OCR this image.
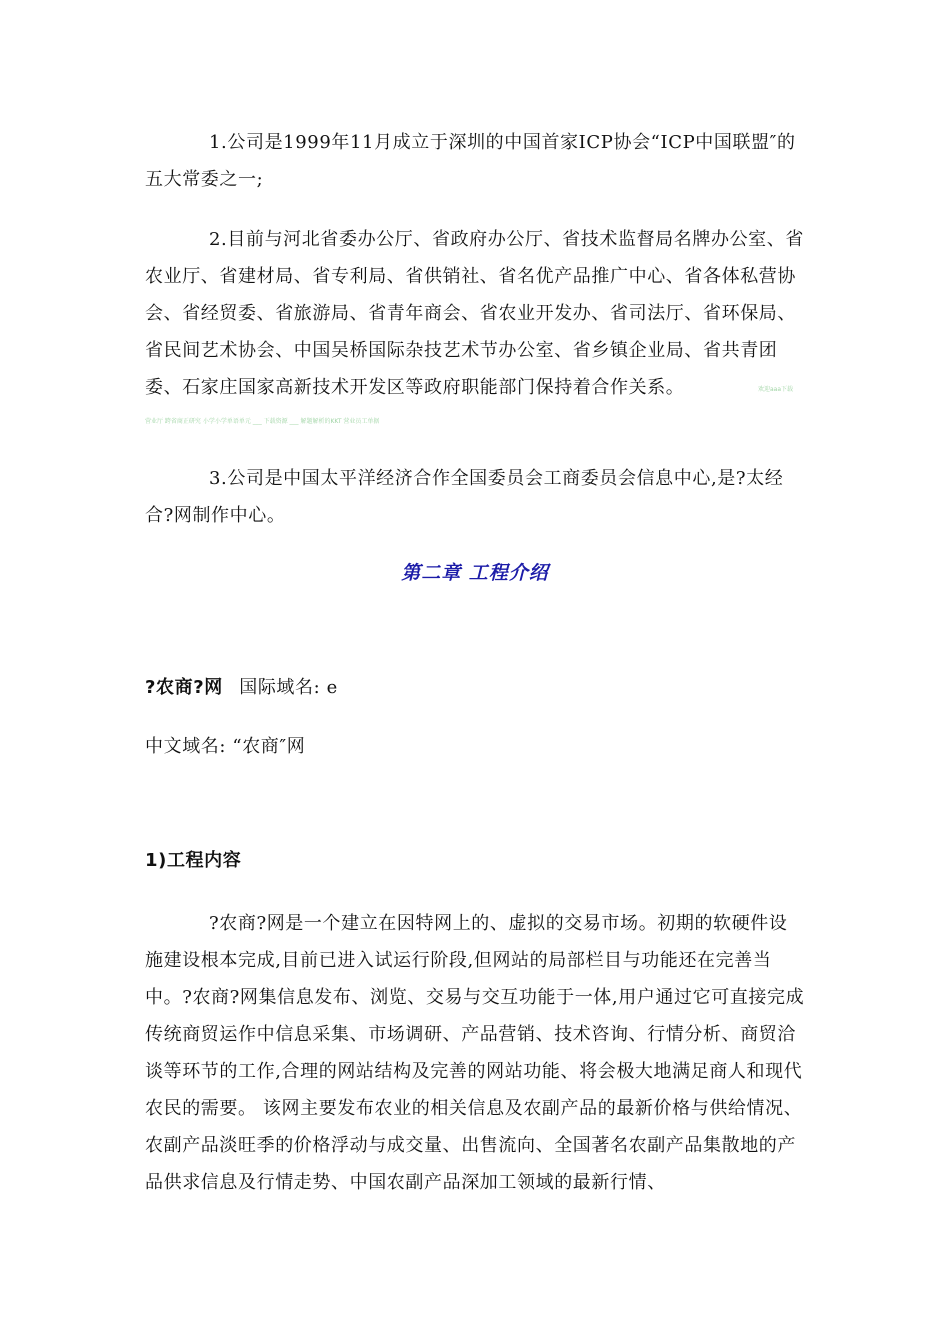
1.公司是1999年11月成立于深圳的中国首家ICP协会“ICP中国联盟″的五大常委之一;

2.目前与河北省委办公厅、省政府办公厅、省技术监督局名牌办公室、省农业厅、省建材局、省专利局、省供销社、省名优产品推广中心、省各体私营协会、省经贸委、省旅游局、省青年商会、省农业开发办、省司法厅、省环保局、省民间艺术协会、中国吴桥国际杂技艺术节办公室、省乡镇企业局、省共青团委、石家庄国家高新技术开发区等政府职能部门保持着合作关系。	欢迎aaa下载
营业厅 跨省商正研究 小学小学单语单元 ___ 下载资源 ___ 解题解析的KKT 营业员工单据

3.公司是中国太平洋经济合作全国委员会工商委员会信息中心,是?太经合?网制作中心。

第二章 工程介绍
?农商?网 国际域名: e
中文域名: “农商″网
1)工程内容

?农商?网是一个建立在因特网上的、虚拟的交易市场。初期的软硬件设施建设根本完成,目前已进入试运行阶段,但网站的局部栏目与功能还在完善当中。?农商?网集信息发布、浏览、交易与交互功能于一体,用户通过它可直接完成传统商贸运作中信息采集、市场调研、产品营销、技术咨询、行情分析、商贸洽谈等环节的工作,合理的网站结构及完善的网站功能、将会极大地满足商人和现代农民的需要。 该网主要发布农业的相关信息及农副产品的最新价格与供给情况、农副产品淡旺季的价格浮动与成交量、出售流向、全国著名农副产品集散地的产品供求信息及行情走势、中国农副产品深加工领域的最新行情、
